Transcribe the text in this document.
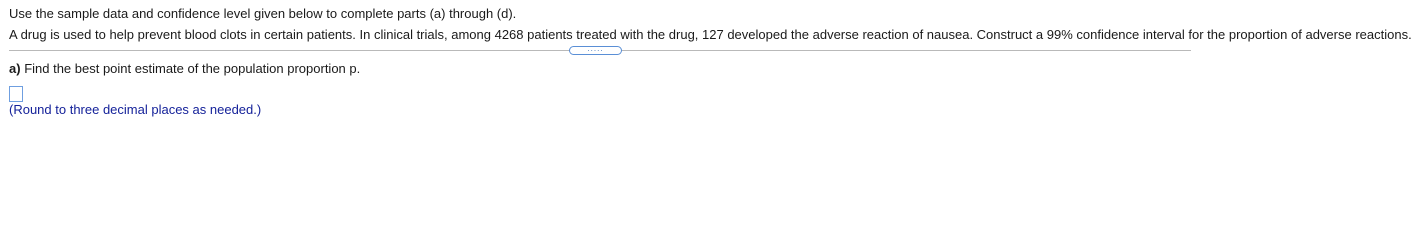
Use the sample data and confidence level given below to complete parts (a) through (d).
A drug is used to help prevent blood clots in certain patients. In clinical trials, among 4268 patients treated with the drug, 127 developed the adverse reaction of nausea. Construct a 99% confidence interval for the proportion of adverse reactions.
.....
a) Find the best point estimate of the population proportion p.
(Round to three decimal places as needed.)
